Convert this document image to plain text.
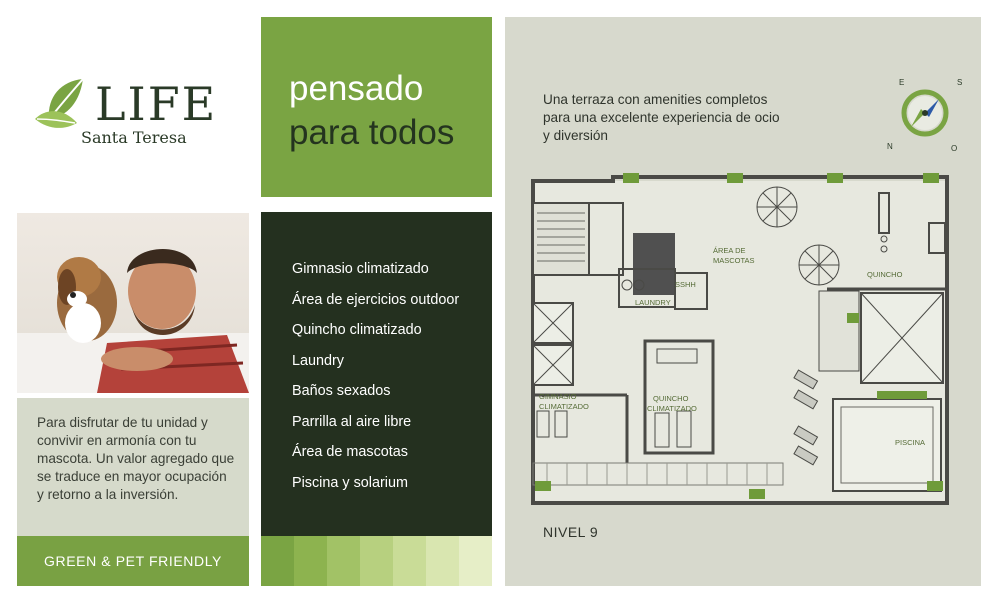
LIFE
Santa Teresa
Para disfrutar de tu unidad y convivir en armonía con tu mascota. Un valor agregado que se traduce en mayor ocupación y retorno a la inversión.
GREEN & PET FRIENDLY
pensado
para todos
Gimnasio climatizado
Área de ejercicios outdoor
Quincho climatizado
Laundry
Baños sexados
Parrilla al aire libre
Área de mascotas
Piscina y solarium
Una terraza con amenities completos para una excelente experiencia de ocio y diversión
E
N	O
S
ÁREA DE
MASCOTAS
QUINCHO
SSHH
LAUNDRY
GIMNASIO
CLIMATIZADO
QUINCHO
CLIMATIZADO
PISCINA
NIVEL 9
